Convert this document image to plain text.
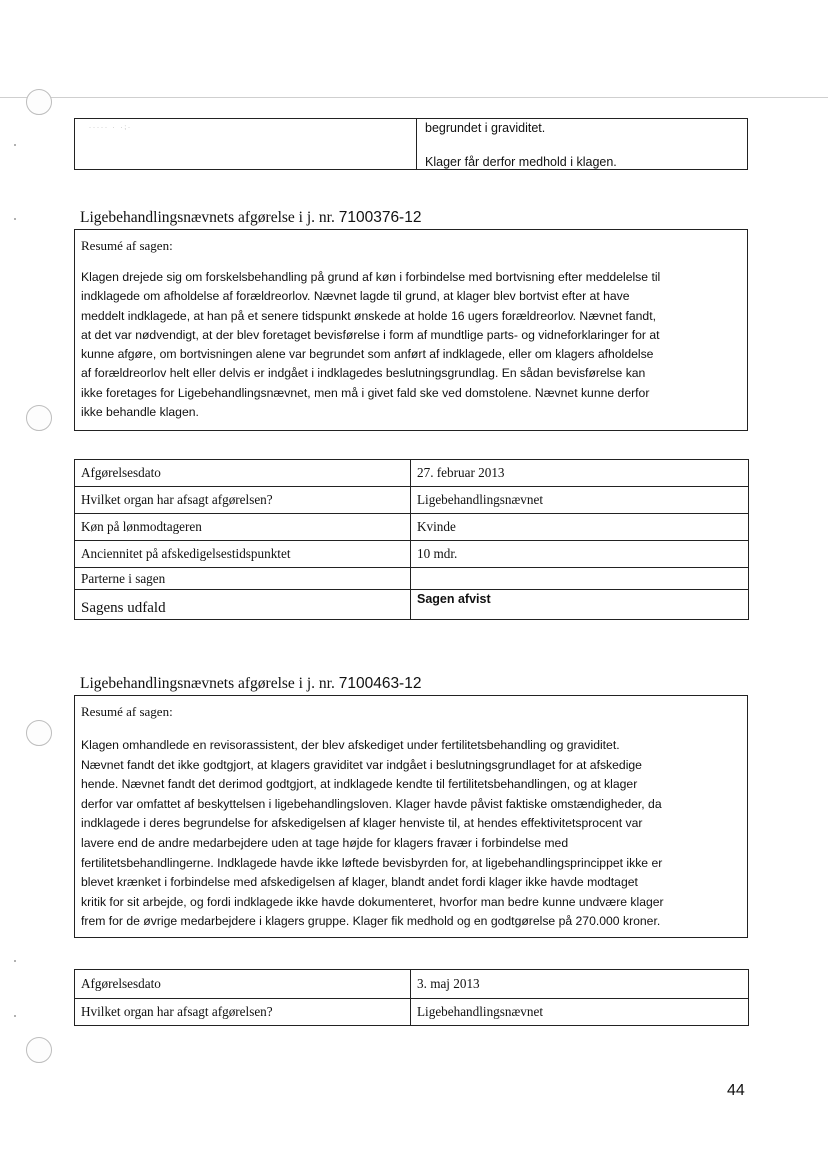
····· · ·;·	begrundet i graviditet.
Klager får derfor medhold i klagen.
Ligebehandlingsnævnets afgørelse i j. nr. 7100376-12
Resumé af sagen:
Klagen drejede sig om forskelsbehandling på grund af køn i forbindelse med bortvisning efter meddelelse til
indklagede om afholdelse af forældreorlov. Nævnet lagde til grund, at klager blev bortvist efter at have
meddelt indklagede, at han på et senere tidspunkt ønskede at holde 16 ugers forældreorlov. Nævnet fandt,
at det var nødvendigt, at der blev foretaget bevisførelse i form af mundtlige parts- og vidneforklaringer for at
kunne afgøre, om bortvisningen alene var begrundet som anført af indklagede, eller om klagers afholdelse
af forældreorlov helt eller delvis er indgået i indklagedes beslutningsgrundlag. En sådan bevisførelse kan
ikke foretages for Ligebehandlingsnævnet, men må i givet fald ske ved domstolene. Nævnet kunne derfor
ikke behandle klagen.
Afgørelsesdato	27. februar 2013
Hvilket organ har afsagt afgørelsen?	Ligebehandlingsnævnet
Køn på lønmodtageren	Kvinde
Anciennitet på afskedigelsestidspunktet	10 mdr.
Parterne i sagen	
Sagens udfald	Sagen afvist
Ligebehandlingsnævnets afgørelse i j. nr. 7100463-12
Resumé af sagen:
Klagen omhandlede en revisorassistent, der blev afskediget under fertilitetsbehandling og graviditet.
Nævnet fandt det ikke godtgjort, at klagers graviditet var indgået i beslutningsgrundlaget for at afskedige
hende. Nævnet fandt det derimod godtgjort, at indklagede kendte til fertilitetsbehandlingen, og at klager
derfor var omfattet af beskyttelsen i ligebehandlingsloven. Klager havde påvist faktiske omstændigheder, da
indklagede i deres begrundelse for afskedigelsen af klager henviste til, at hendes effektivitetsprocent var
lavere end de andre medarbejdere uden at tage højde for klagers fravær i forbindelse med
fertilitetsbehandlingerne. Indklagede havde ikke løftede bevisbyrden for, at ligebehandlingsprincippet ikke er
blevet krænket i forbindelse med afskedigelsen af klager, blandt andet fordi klager ikke havde modtaget
kritik for sit arbejde, og fordi indklagede ikke havde dokumenteret, hvorfor man bedre kunne undvære klager
frem for de øvrige medarbejdere i klagers gruppe. Klager fik medhold og en godtgørelse på 270.000 kroner.
Afgørelsesdato	3. maj 2013
Hvilket organ har afsagt afgørelsen?	Ligebehandlingsnævnet
44
